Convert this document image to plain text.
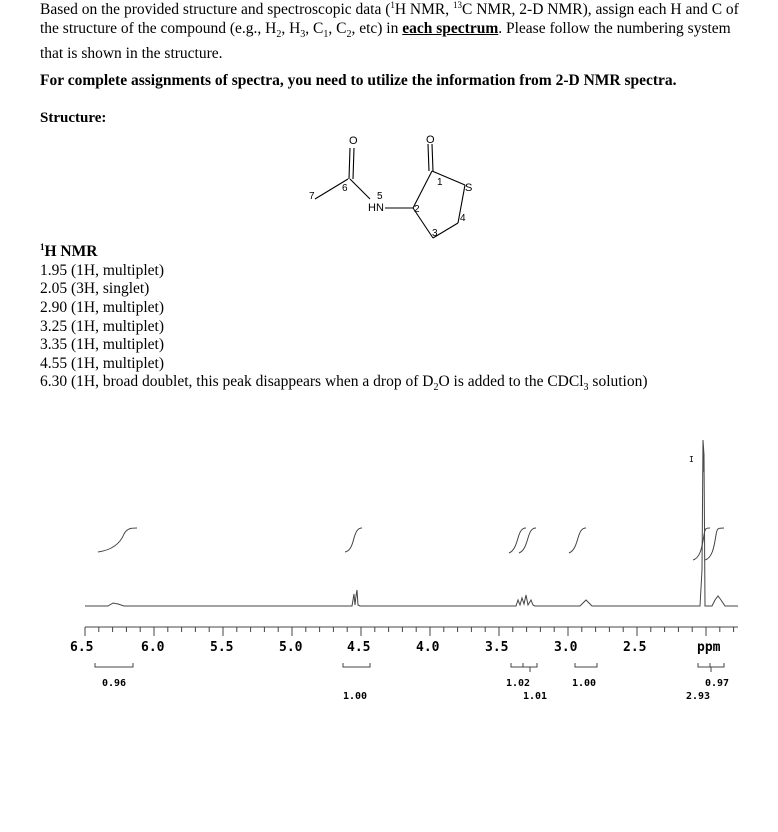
Based on the provided structure and spectroscopic data ($^1$H NMR, $^{13}$C NMR, 2-D NMR), assign each H and C of the structure of the compound (e.g., $H_2$, $H_3$, $C_1$, $C_2$, etc) in each spectrum. Please follow the numbering system that is shown in the structure.
For complete assignments of spectra, you need to utilize the information from 2-D NMR spectra.
Structure:
O	O
S
HN
7
6
5
2
1
4
3
$^1$H NMR
1.95 (1H, multiplet)
2.05 (3H, singlet)
2.90 (1H, multiplet)
3.25 (1H, multiplet)
3.35 (1H, multiplet)
4.55 (1H, multiplet)
6.30 (1H, broad doublet, this peak disappears when a drop of $D_2O$ is added to the CDCl$_3$ solution)
6.5	6.0	5.5	5.0	4.5	4.0	3.5	3.0	2.5	ppm
0.96
1.00
1.02
1.01
1.00	0.97
2.93
I
